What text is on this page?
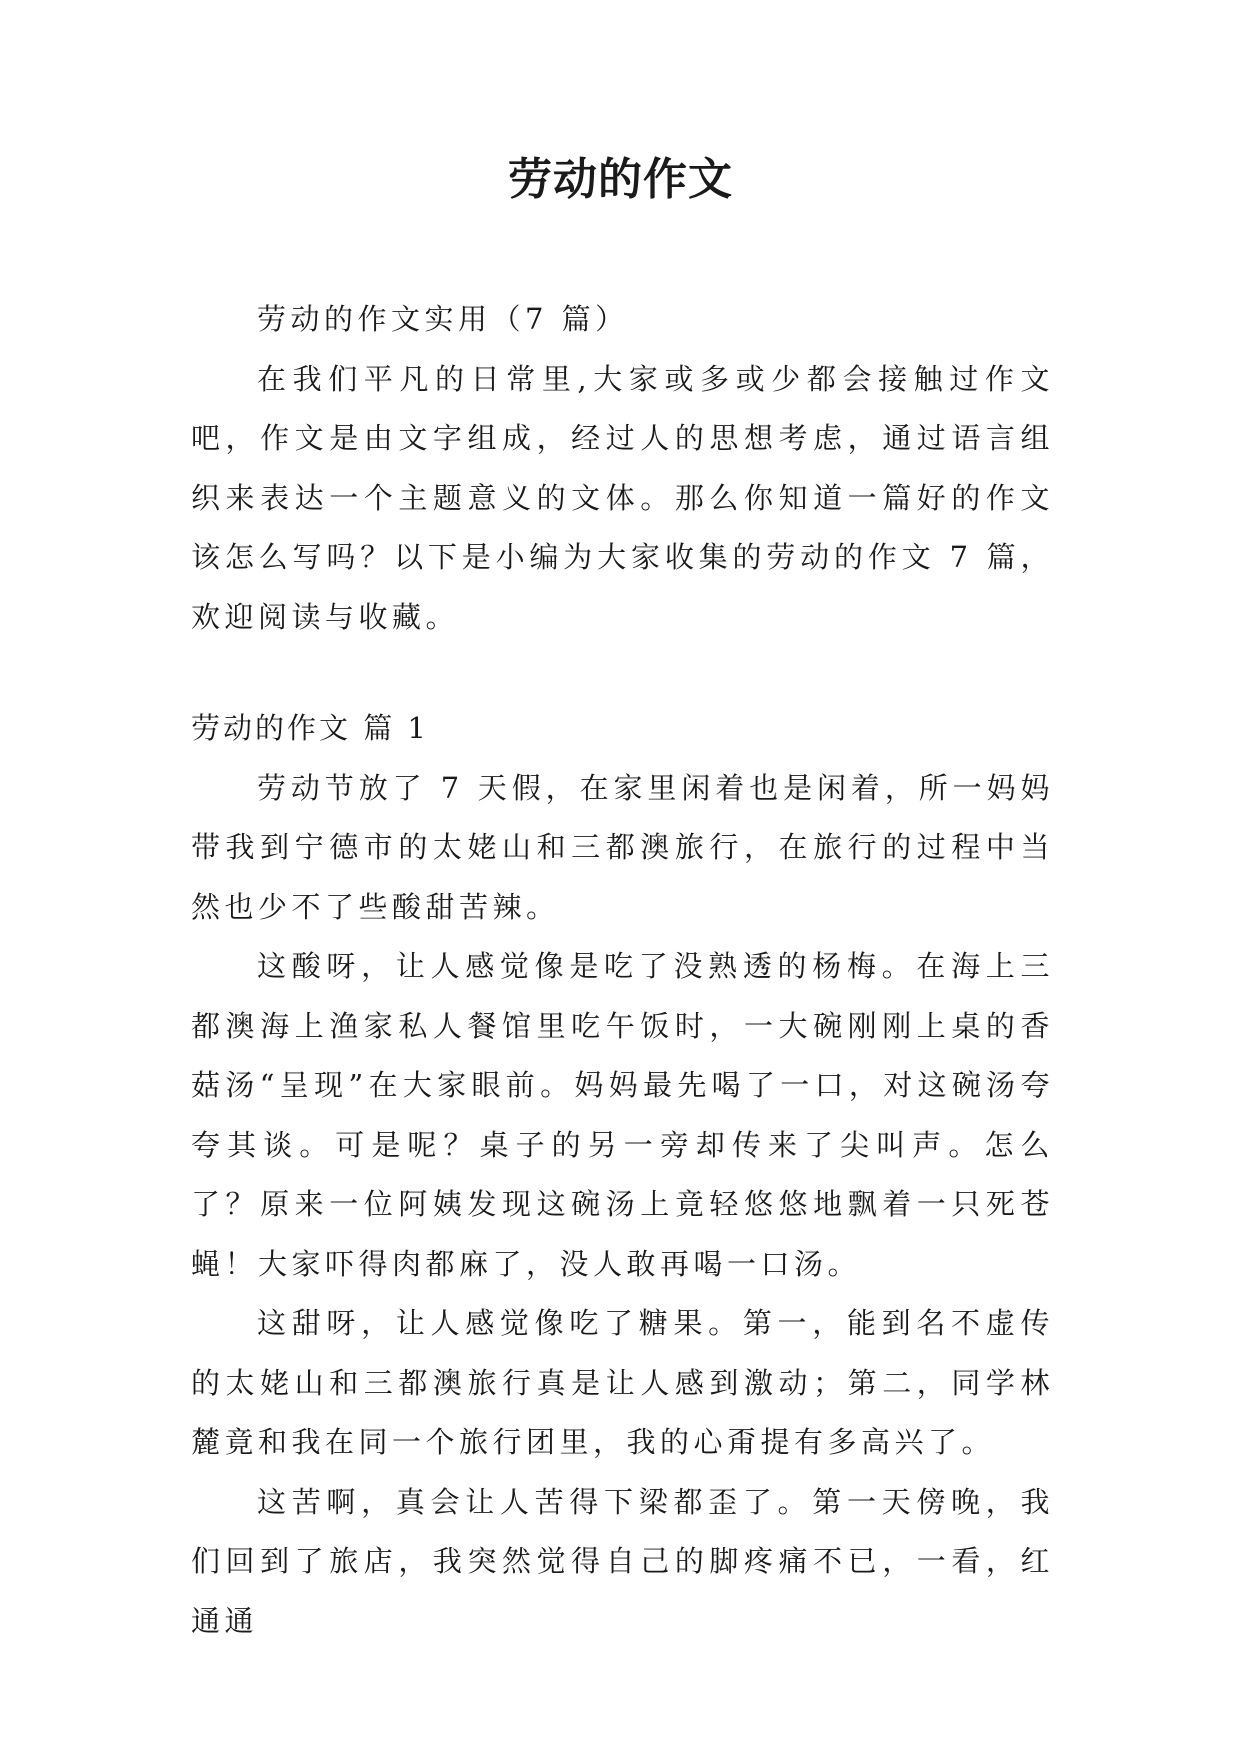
劳动的作文

劳动的作文实用（7 篇）

在我们平凡的日常里,大家或多或少都会接触过作文吧，作文是由文字组成，经过人的思想考虑，通过语言组织来表达一个主题意义的文体。那么你知道一篇好的作文该怎么写吗？以下是小编为大家收集的劳动的作文 7 篇，欢迎阅读与收藏。

劳动的作文 篇 1

劳动节放了 7 天假，在家里闲着也是闲着，所一妈妈带我到宁德市的太姥山和三都澳旅行，在旅行的过程中当然也少不了些酸甜苦辣。

这酸呀，让人感觉像是吃了没熟透的杨梅。在海上三都澳海上渔家私人餐馆里吃午饭时，一大碗刚刚上桌的香菇汤“呈现”在大家眼前。妈妈最先喝了一口，对这碗汤夸夸其谈。可是呢？桌子的另一旁却传来了尖叫声。怎么了？原来一位阿姨发现这碗汤上竟轻悠悠地飘着一只死苍蝇！大家吓得肉都麻了，没人敢再喝一口汤。

这甜呀，让人感觉像吃了糖果。第一，能到名不虚传的太姥山和三都澳旅行真是让人感到激动；第二，同学林麓竟和我在同一个旅行团里，我的心甭提有多高兴了。

这苦啊，真会让人苦得下梁都歪了。第一天傍晚，我们回到了旅店，我突然觉得自己的脚疼痛不已，一看，红通通
